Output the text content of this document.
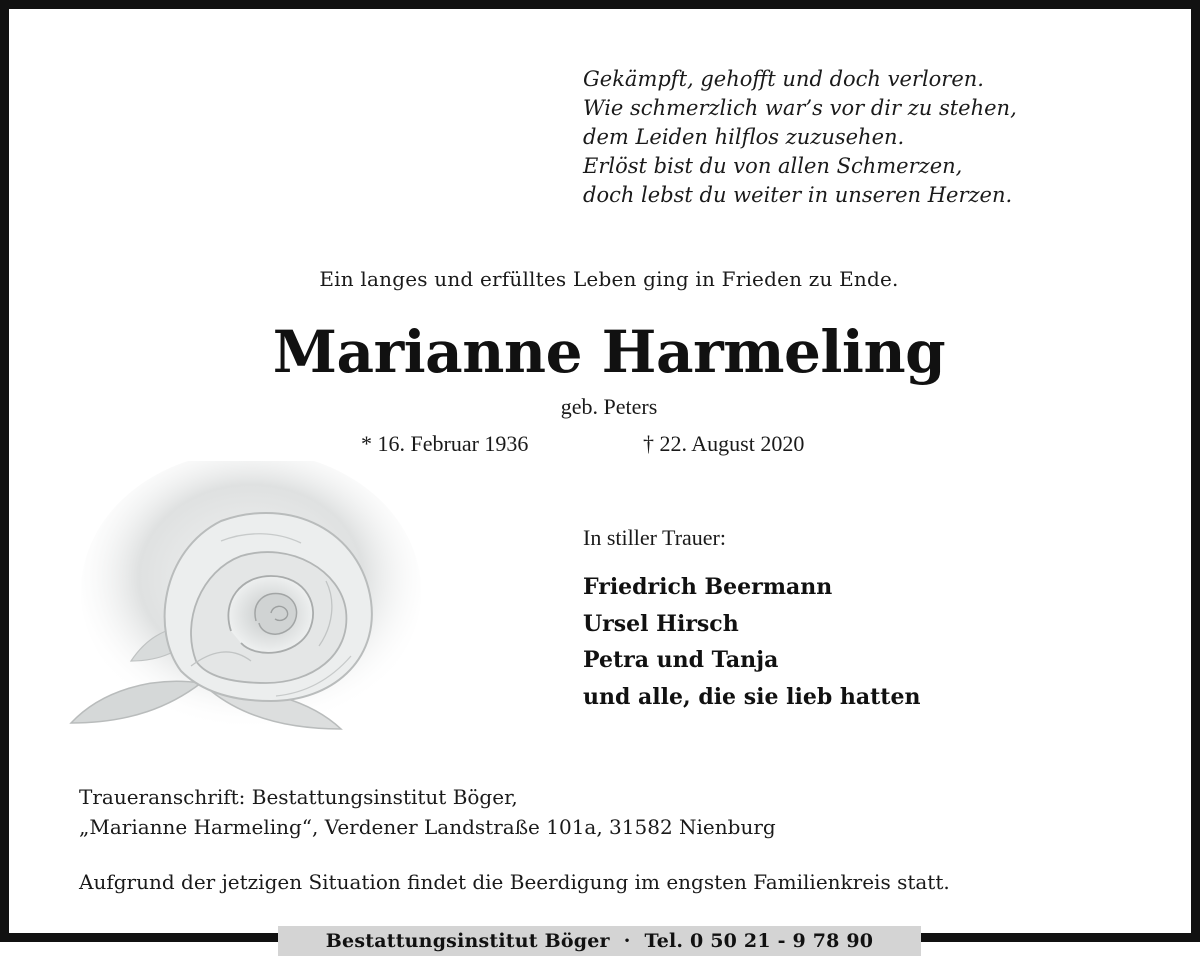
Gekämpft, gehofft und doch verloren.
Wie schmerzlich war’s vor dir zu stehen,
dem Leiden hilflos zuzusehen.
Erlöst bist du von allen Schmerzen,
doch lebst du weiter in unseren Herzen.
Ein langes und erfülltes Leben ging in Frieden zu Ende.
Marianne Harmeling
geb. Peters
* 16. Februar 1936	† 22. August 2020
In stiller Trauer:
Friedrich Beermann
Ursel Hirsch
Petra und Tanja
und alle, die sie lieb hatten
Traueranschrift: Bestattungsinstitut Böger,
„Marianne Harmeling“, Verdener Landstraße 101a, 31582 Nienburg
Aufgrund der jetzigen Situation findet die Beerdigung im engsten Familienkreis statt.
Bestattungsinstitut Böger · Tel. 0 50 21 - 9 78 90
